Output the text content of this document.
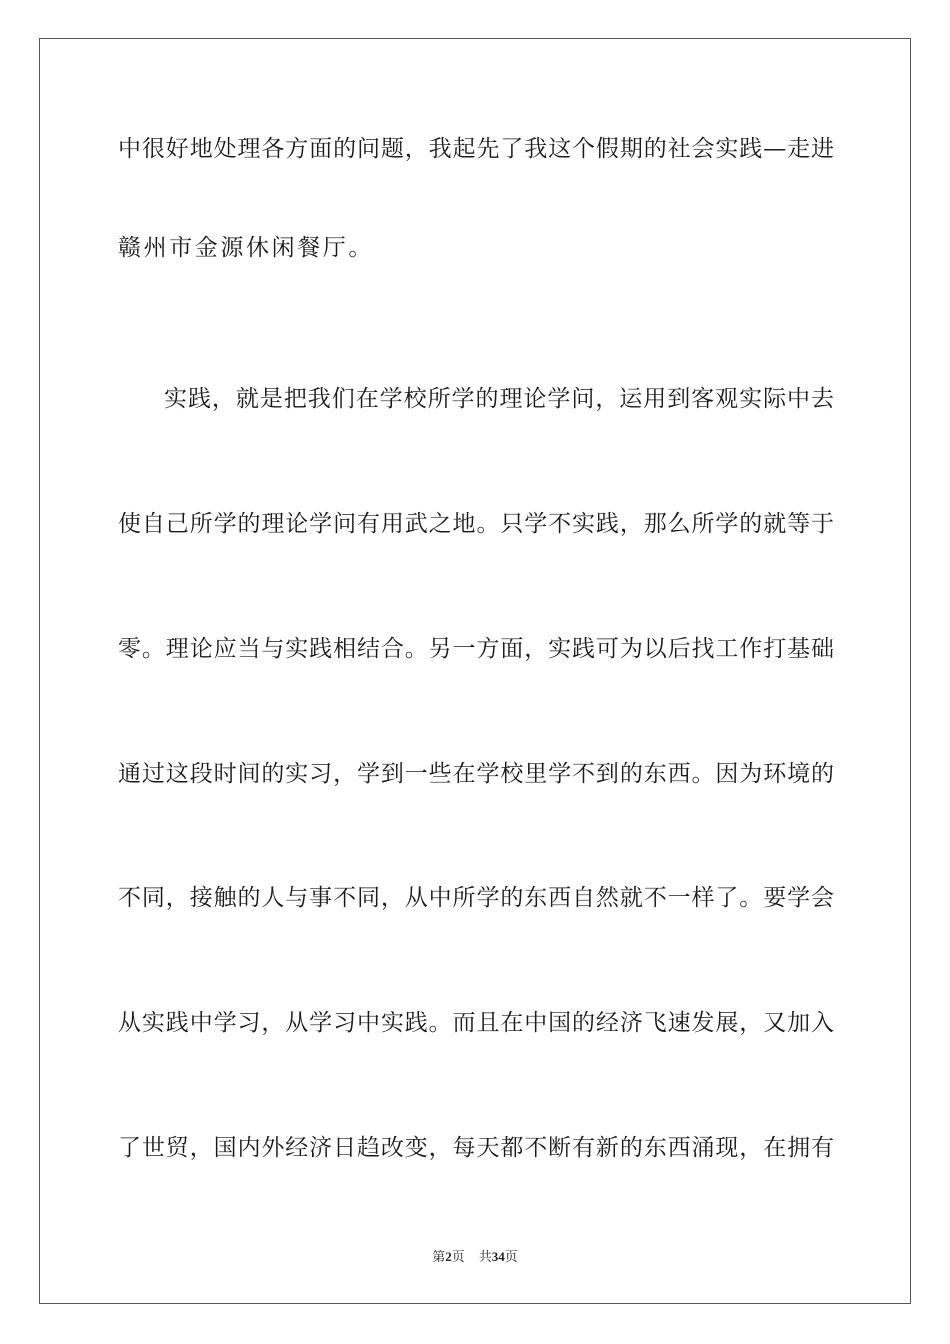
中很好地处理各方面的问题，我起先了我这个假期的社会实践—走进
赣州市金源休闲餐厅。
实践，就是把我们在学校所学的理论学问，运用到客观实际中去
使自己所学的理论学问有用武之地。只学不实践，那么所学的就等于
零。理论应当与实践相结合。另一方面，实践可为以后找工作打基础
通过这段时间的实习，学到一些在学校里学不到的东西。因为环境的
不同，接触的人与事不同，从中所学的东西自然就不一样了。要学会
从实践中学习，从学习中实践。而且在中国的经济飞速发展，又加入
了世贸，国内外经济日趋改变，每天都不断有新的东西涌现，在拥有
第2页 共34页
